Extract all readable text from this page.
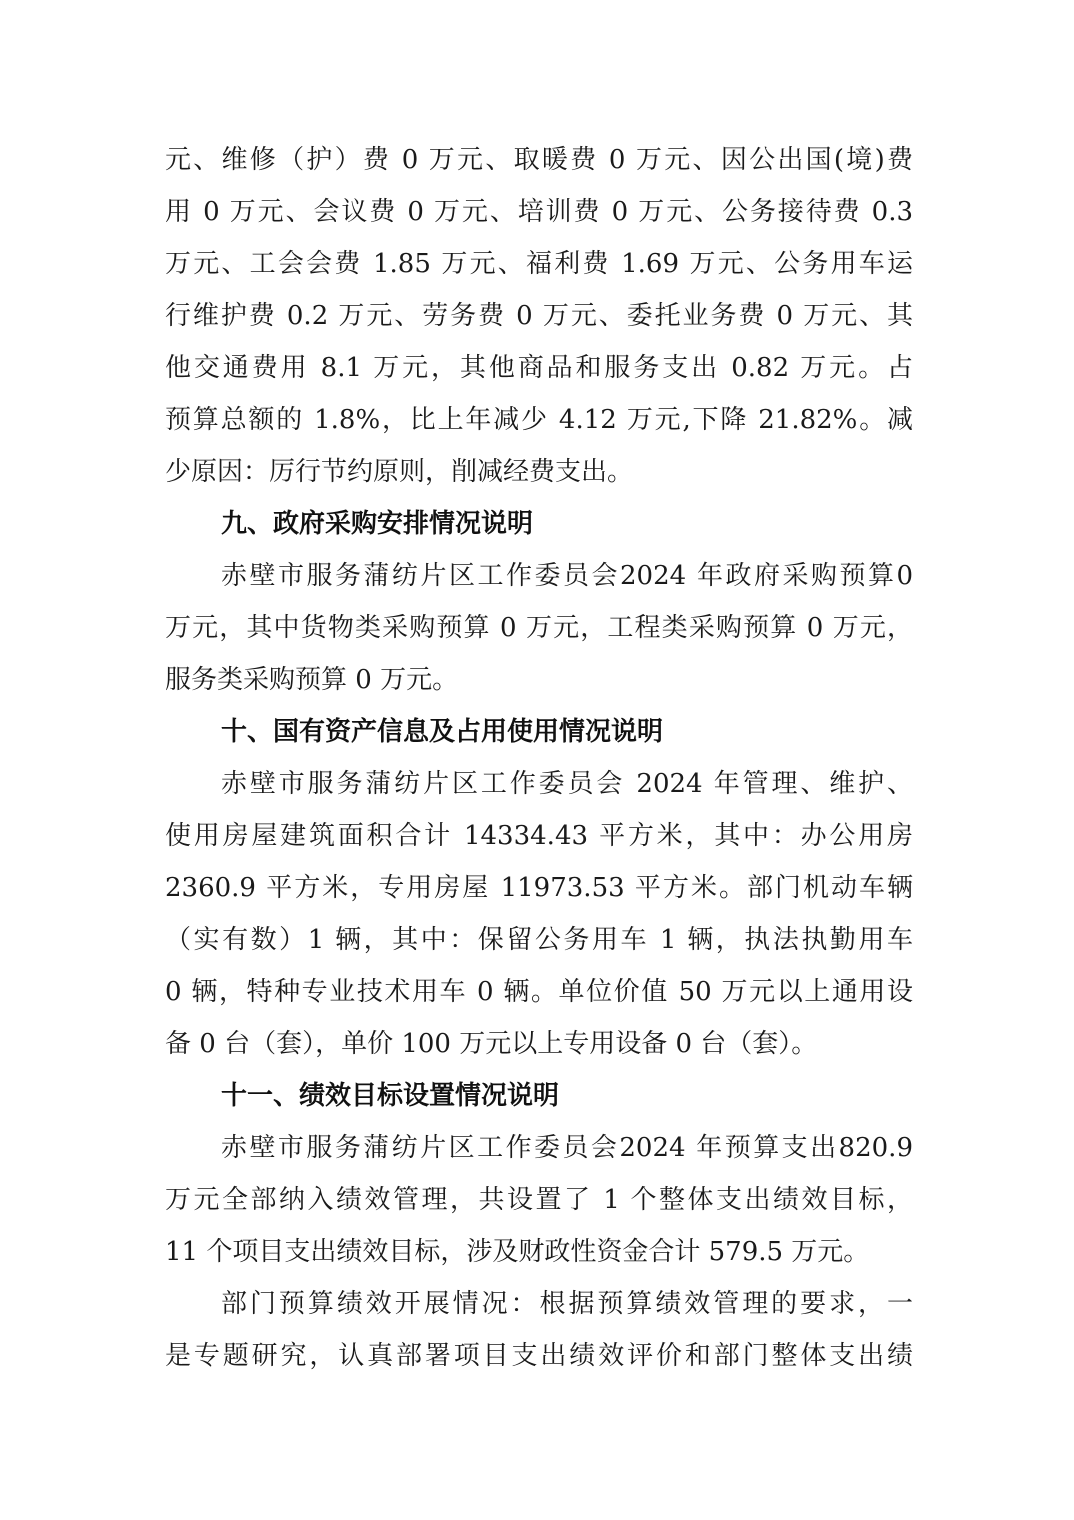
元、维修（护）费 0 万元、取暖费 0 万元、因公出国(境)费
用 0 万元、会议费 0 万元、培训费 0 万元、公务接待费 0.3
万元、工会会费 1.85 万元、福利费 1.69 万元、公务用车运
行维护费 0.2 万元、劳务费 0 万元、委托业务费 0 万元、其
他交通费用 8.1 万元，其他商品和服务支出 0.82 万元。占
预算总额的 1.8%，比上年减少 4.12 万元,下降 21.82%。减
少原因：厉行节约原则，削减经费支出。
九、政府采购安排情况说明
赤壁市服务蒲纺片区工作委员会2024 年政府采购预算0
万元，其中货物类采购预算 0 万元，工程类采购预算 0 万元，
服务类采购预算 0 万元。
十、国有资产信息及占用使用情况说明
赤壁市服务蒲纺片区工作委员会 2024 年管理、维护、
使用房屋建筑面积合计 14334.43 平方米，其中：办公用房
2360.9 平方米，专用房屋 11973.53 平方米。部门机动车辆
（实有数）1 辆，其中：保留公务用车 1 辆，执法执勤用车
0 辆，特种专业技术用车 0 辆。单位价值 50 万元以上通用设
备 0 台（套），单价 100 万元以上专用设备 0 台（套）。
十一、绩效目标设置情况说明
赤壁市服务蒲纺片区工作委员会2024 年预算支出820.9
万元全部纳入绩效管理，共设置了 1 个整体支出绩效目标，
11 个项目支出绩效目标，涉及财政性资金合计 579.5 万元。
部门预算绩效开展情况：根据预算绩效管理的要求，一
是专题研究，认真部署项目支出绩效评价和部门整体支出绩
